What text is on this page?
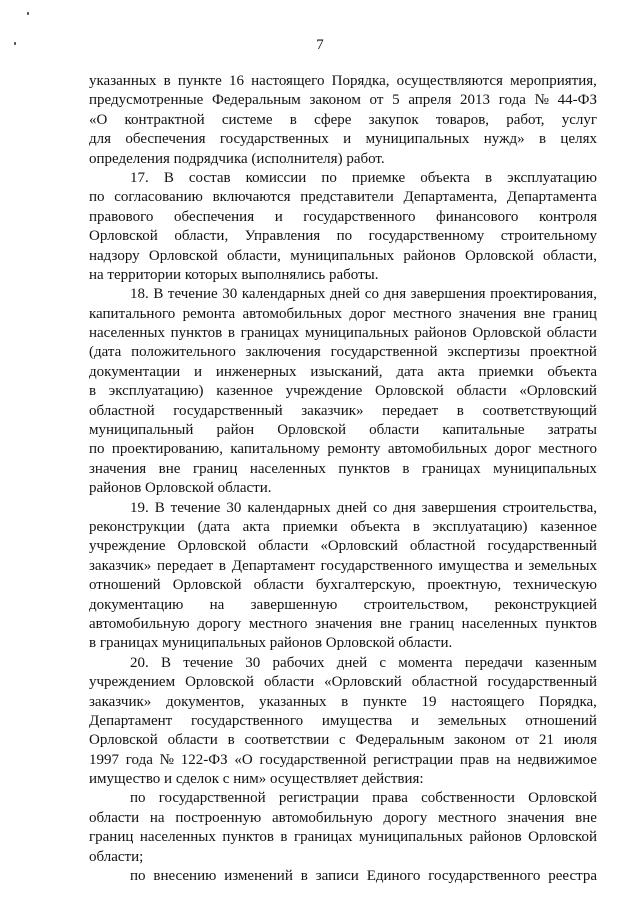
7
указанных в пункте 16 настоящего Порядка, осуществляются мероприятия,
предусмотренные Федеральным законом от 5 апреля 2013 года № 44-ФЗ
«О контрактной системе в сфере закупок товаров, работ, услуг
для обеспечения государственных и муниципальных нужд» в целях
определения подрядчика (исполнителя) работ.
17. В состав комиссии по приемке объекта в эксплуатацию
по согласованию включаются представители Департамента, Департамента
правового обеспечения и государственного финансового контроля
Орловской области, Управления по государственному строительному
надзору Орловской области, муниципальных районов Орловской области,
на территории которых выполнялись работы.
18. В течение 30 календарных дней со дня завершения проектирования,
капитального ремонта автомобильных дорог местного значения вне границ
населенных пунктов в границах муниципальных районов Орловской области
(дата положительного заключения государственной экспертизы проектной
документации и инженерных изысканий, дата акта приемки объекта
в эксплуатацию) казенное учреждение Орловской области «Орловский
областной государственный заказчик» передает в соответствующий
муниципальный район Орловской области капитальные затраты
по проектированию, капитальному ремонту автомобильных дорог местного
значения вне границ населенных пунктов в границах муниципальных
районов Орловской области.
19. В течение 30 календарных дней со дня завершения строительства,
реконструкции (дата акта приемки объекта в эксплуатацию) казенное
учреждение Орловской области «Орловский областной государственный
заказчик» передает в Департамент государственного имущества и земельных
отношений Орловской области бухгалтерскую, проектную, техническую
документацию на завершенную строительством, реконструкцией
автомобильную дорогу местного значения вне границ населенных пунктов
в границах муниципальных районов Орловской области.
20. В течение 30 рабочих дней с момента передачи казенным
учреждением Орловской области «Орловский областной государственный
заказчик» документов, указанных в пункте 19 настоящего Порядка,
Департамент государственного имущества и земельных отношений
Орловской области в соответствии с Федеральным законом от 21 июля
1997 года № 122-ФЗ «О государственной регистрации прав на недвижимое
имущество и сделок с ним» осуществляет действия:
по государственной регистрации права собственности Орловской
области на построенную автомобильную дорогу местного значения вне
границ населенных пунктов в границах муниципальных районов Орловской
области;
по внесению изменений в записи Единого государственного реестра
